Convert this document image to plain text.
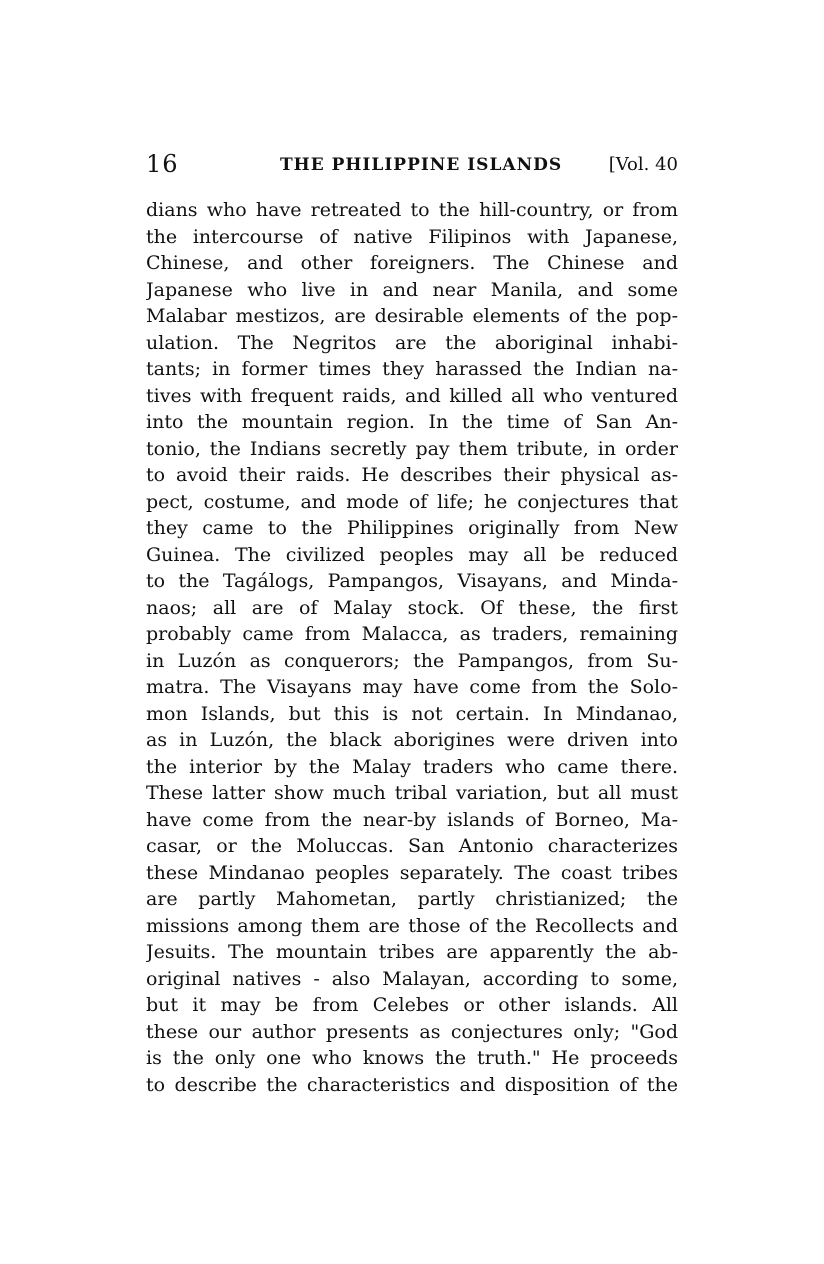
16	THE PHILIPPINE ISLANDS	[Vol. 40
dians who have retreated to the hill-country, or from
the intercourse of native Filipinos with Japanese,
Chinese, and other foreigners. The Chinese and
Japanese who live in and near Manila, and some
Malabar mestizos, are desirable elements of the pop-
ulation. The Negritos are the aboriginal inhabi-
tants; in former times they harassed the Indian na-
tives with frequent raids, and killed all who ventured
into the mountain region. In the time of San An-
tonio, the Indians secretly pay them tribute, in order
to avoid their raids. He describes their physical as-
pect, costume, and mode of life; he conjectures that
they came to the Philippines originally from New
Guinea. The civilized peoples may all be reduced
to the Tagálogs, Pampangos, Visayans, and Minda-
naos; all are of Malay stock. Of these, the first
probably came from Malacca, as traders, remaining
in Luzón as conquerors; the Pampangos, from Su-
matra. The Visayans may have come from the Solo-
mon Islands, but this is not certain. In Mindanao,
as in Luzón, the black aborigines were driven into
the interior by the Malay traders who came there.
These latter show much tribal variation, but all must
have come from the near-by islands of Borneo, Ma-
casar, or the Moluccas. San Antonio characterizes
these Mindanao peoples separately. The coast tribes
are partly Mahometan, partly christianized; the
missions among them are those of the Recollects and
Jesuits. The mountain tribes are apparently the ab-
original natives - also Malayan, according to some,
but it may be from Celebes or other islands. All
these our author presents as conjectures only; "God
is the only one who knows the truth." He proceeds
to describe the characteristics and disposition of the
